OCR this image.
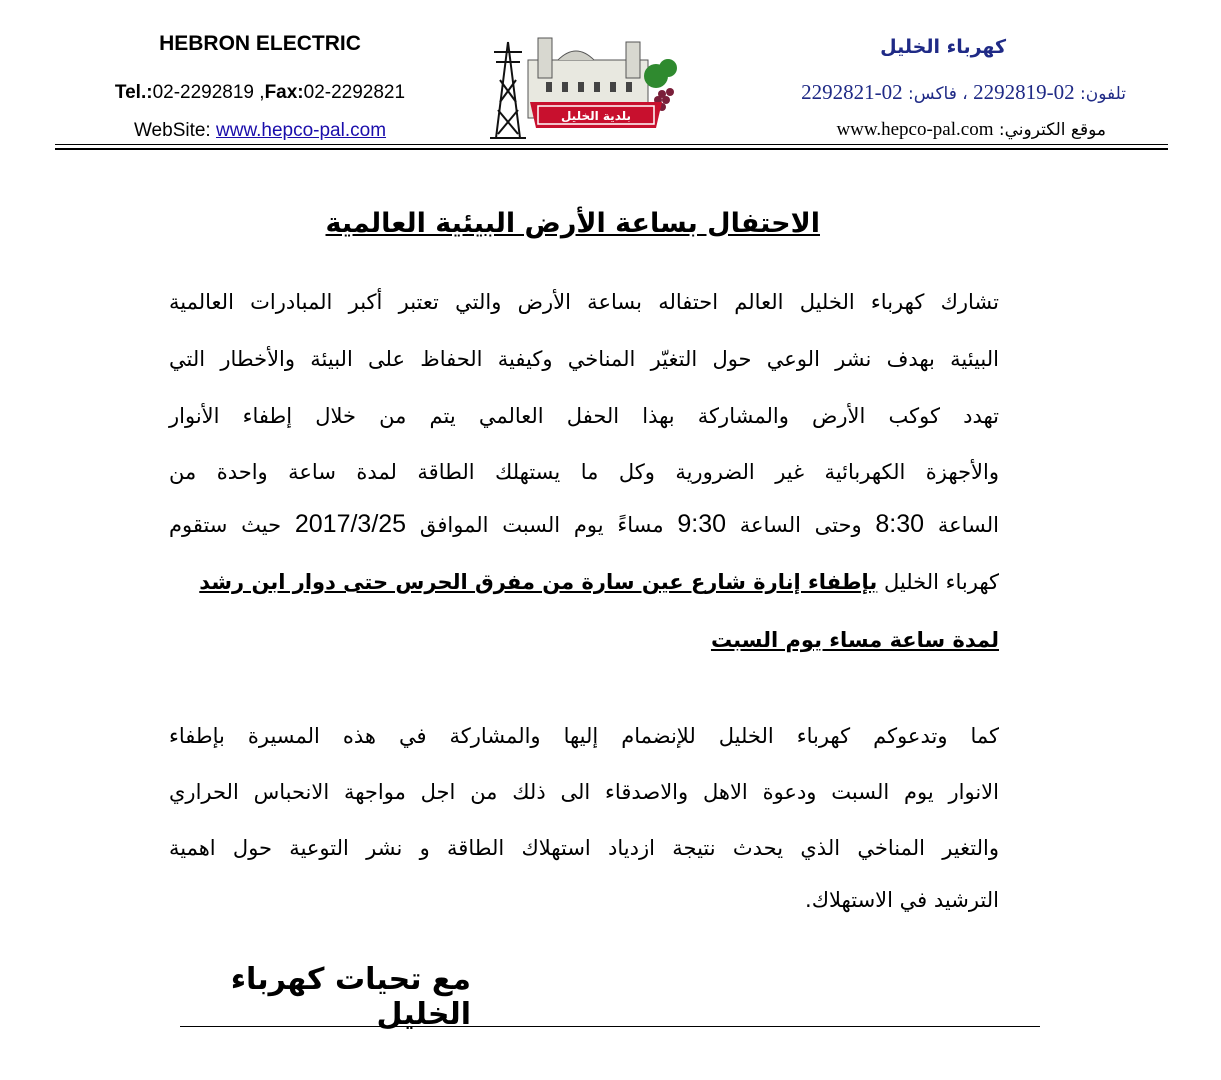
HEBRON ELECTRIC
Tel.:02-2292819 ,Fax:02-2292821
WebSite: www.hepco-pal.com
بلدية الخليل
كهرباء الخليل
تلفون: 02-2292819 ، فاكس: 02-2292821
موقع الكتروني: www.hepco-pal.com
الاحتفال بساعة الأرض البيئية العالمية
تشارك كهرباء الخليل العالم احتفاله بساعة الأرض والتي تعتبر أكبر المبادرات العالمية
البيئية بهدف نشر الوعي حول التغيّر المناخي وكيفية الحفاظ على البيئة والأخطار التي
تهدد كوكب الأرض والمشاركة بهذا الحفل العالمي يتم من خلال إطفاء الأنوار
والأجهزة الكهربائية غير الضرورية وكل ما يستهلك الطاقة لمدة ساعة واحدة من
الساعة 8:30 وحتى الساعة 9:30 مساءً يوم السبت الموافق 2017/3/25 حيث ستقوم
كهرباء الخليل بإطفاء إنارة شارع عين سارة من مفرق الحرس حتى دوار ابن رشد
لمدة ساعة مساء يوم السبت
كما وتدعوكم كهرباء الخليل للإنضمام إليها والمشاركة في هذه المسيرة بإطفاء
الانوار يوم السبت ودعوة الاهل والاصدقاء الى ذلك من اجل مواجهة الانحباس الحراري
والتغير المناخي الذي يحدث نتيجة ازدياد استهلاك الطاقة و نشر التوعية حول اهمية
الترشيد في الاستهلاك.
مع تحيات كهرباء الخليل
